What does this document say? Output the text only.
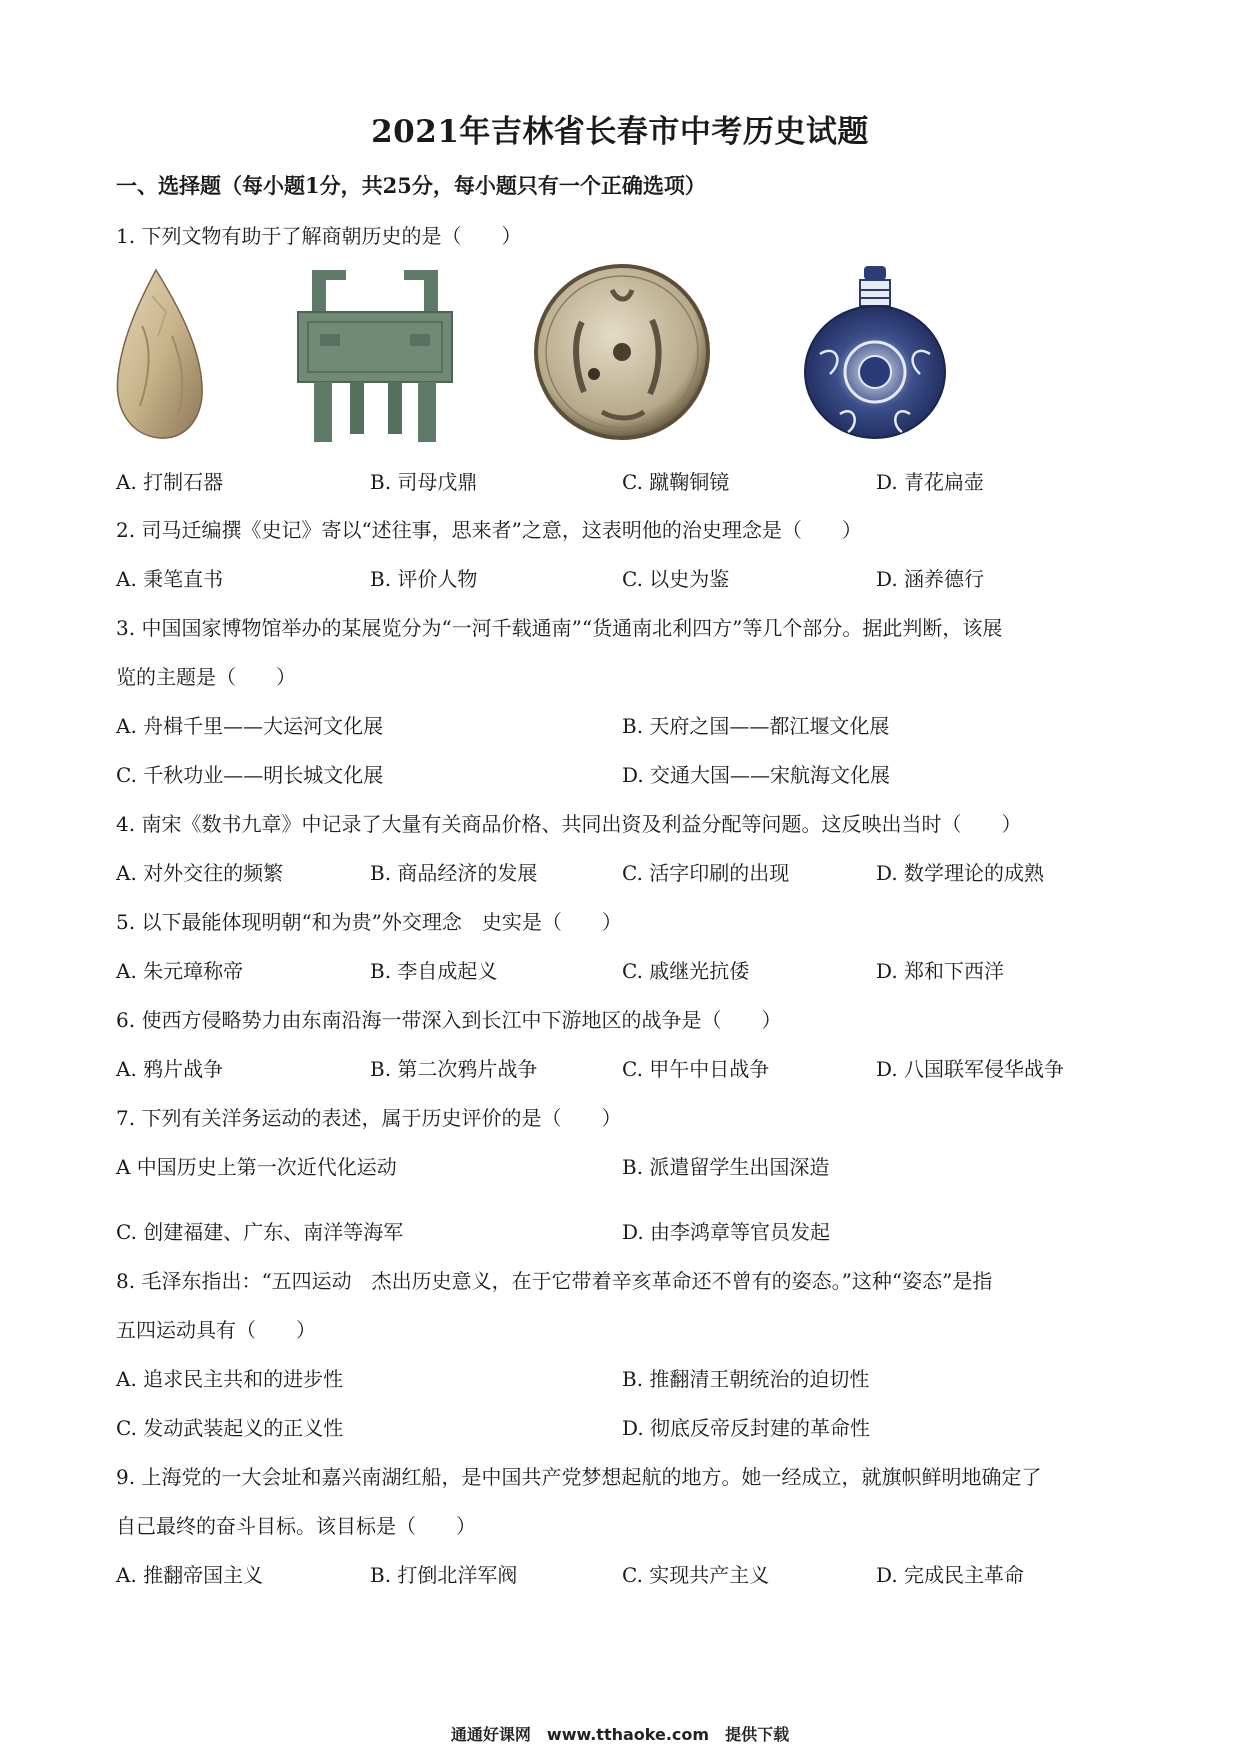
2021年吉林省长春市中考历史试题
一、选择题（每小题1分，共25分，每小题只有一个正确选项）
1. 下列文物有助于了解商朝历史的是（　　）
A. 打制石器	B. 司母戊鼎	C. 蹴鞠铜镜	D. 青花扁壶
2. 司马迁编撰《史记》寄以“述往事，思来者”之意，这表明他的治史理念是（　　）
A. 秉笔直书	B. 评价人物	C. 以史为鉴	D. 涵养德行
3. 中国国家博物馆举办的某展览分为“一河千载通南”“货通南北利四方”等几个部分。据此判断，该展
览的主题是（　　）
A. 舟楫千里——大运河文化展	B. 天府之国——都江堰文化展
C. 千秋功业——明长城文化展	D. 交通大国——宋航海文化展
4. 南宋《数书九章》中记录了大量有关商品价格、共同出资及利益分配等问题。这反映出当时（　　）
A. 对外交往的频繁	B. 商品经济的发展	C. 活字印刷的出现	D. 数学理论的成熟
5. 以下最能体现明朝“和为贵”外交理念　史实是（　　）
A. 朱元璋称帝	B. 李自成起义	C. 戚继光抗倭	D. 郑和下西洋
6. 使西方侵略势力由东南沿海一带深入到长江中下游地区的战争是（　　）
A. 鸦片战争	B. 第二次鸦片战争	C. 甲午中日战争	D. 八国联军侵华战争
7. 下列有关洋务运动的表述，属于历史评价的是（　　）
A 中国历史上第一次近代化运动	B. 派遣留学生出国深造
C. 创建福建、广东、南洋等海军	D. 由李鸿章等官员发起
8. 毛泽东指出：“五四运动　杰出历史意义，在于它带着辛亥革命还不曾有的姿态。”这种“姿态”是指
五四运动具有（　　）
A. 追求民主共和的进步性	B. 推翻清王朝统治的迫切性
C. 发动武装起义的正义性	D. 彻底反帝反封建的革命性
9. 上海党的一大会址和嘉兴南湖红船，是中国共产党梦想起航的地方。她一经成立，就旗帜鲜明地确定了
自己最终的奋斗目标。该目标是（　　）
A. 推翻帝国主义	B. 打倒北洋军阀	C. 实现共产主义	D. 完成民主革命
通通好课网　www.tthaoke.com　提供下载
